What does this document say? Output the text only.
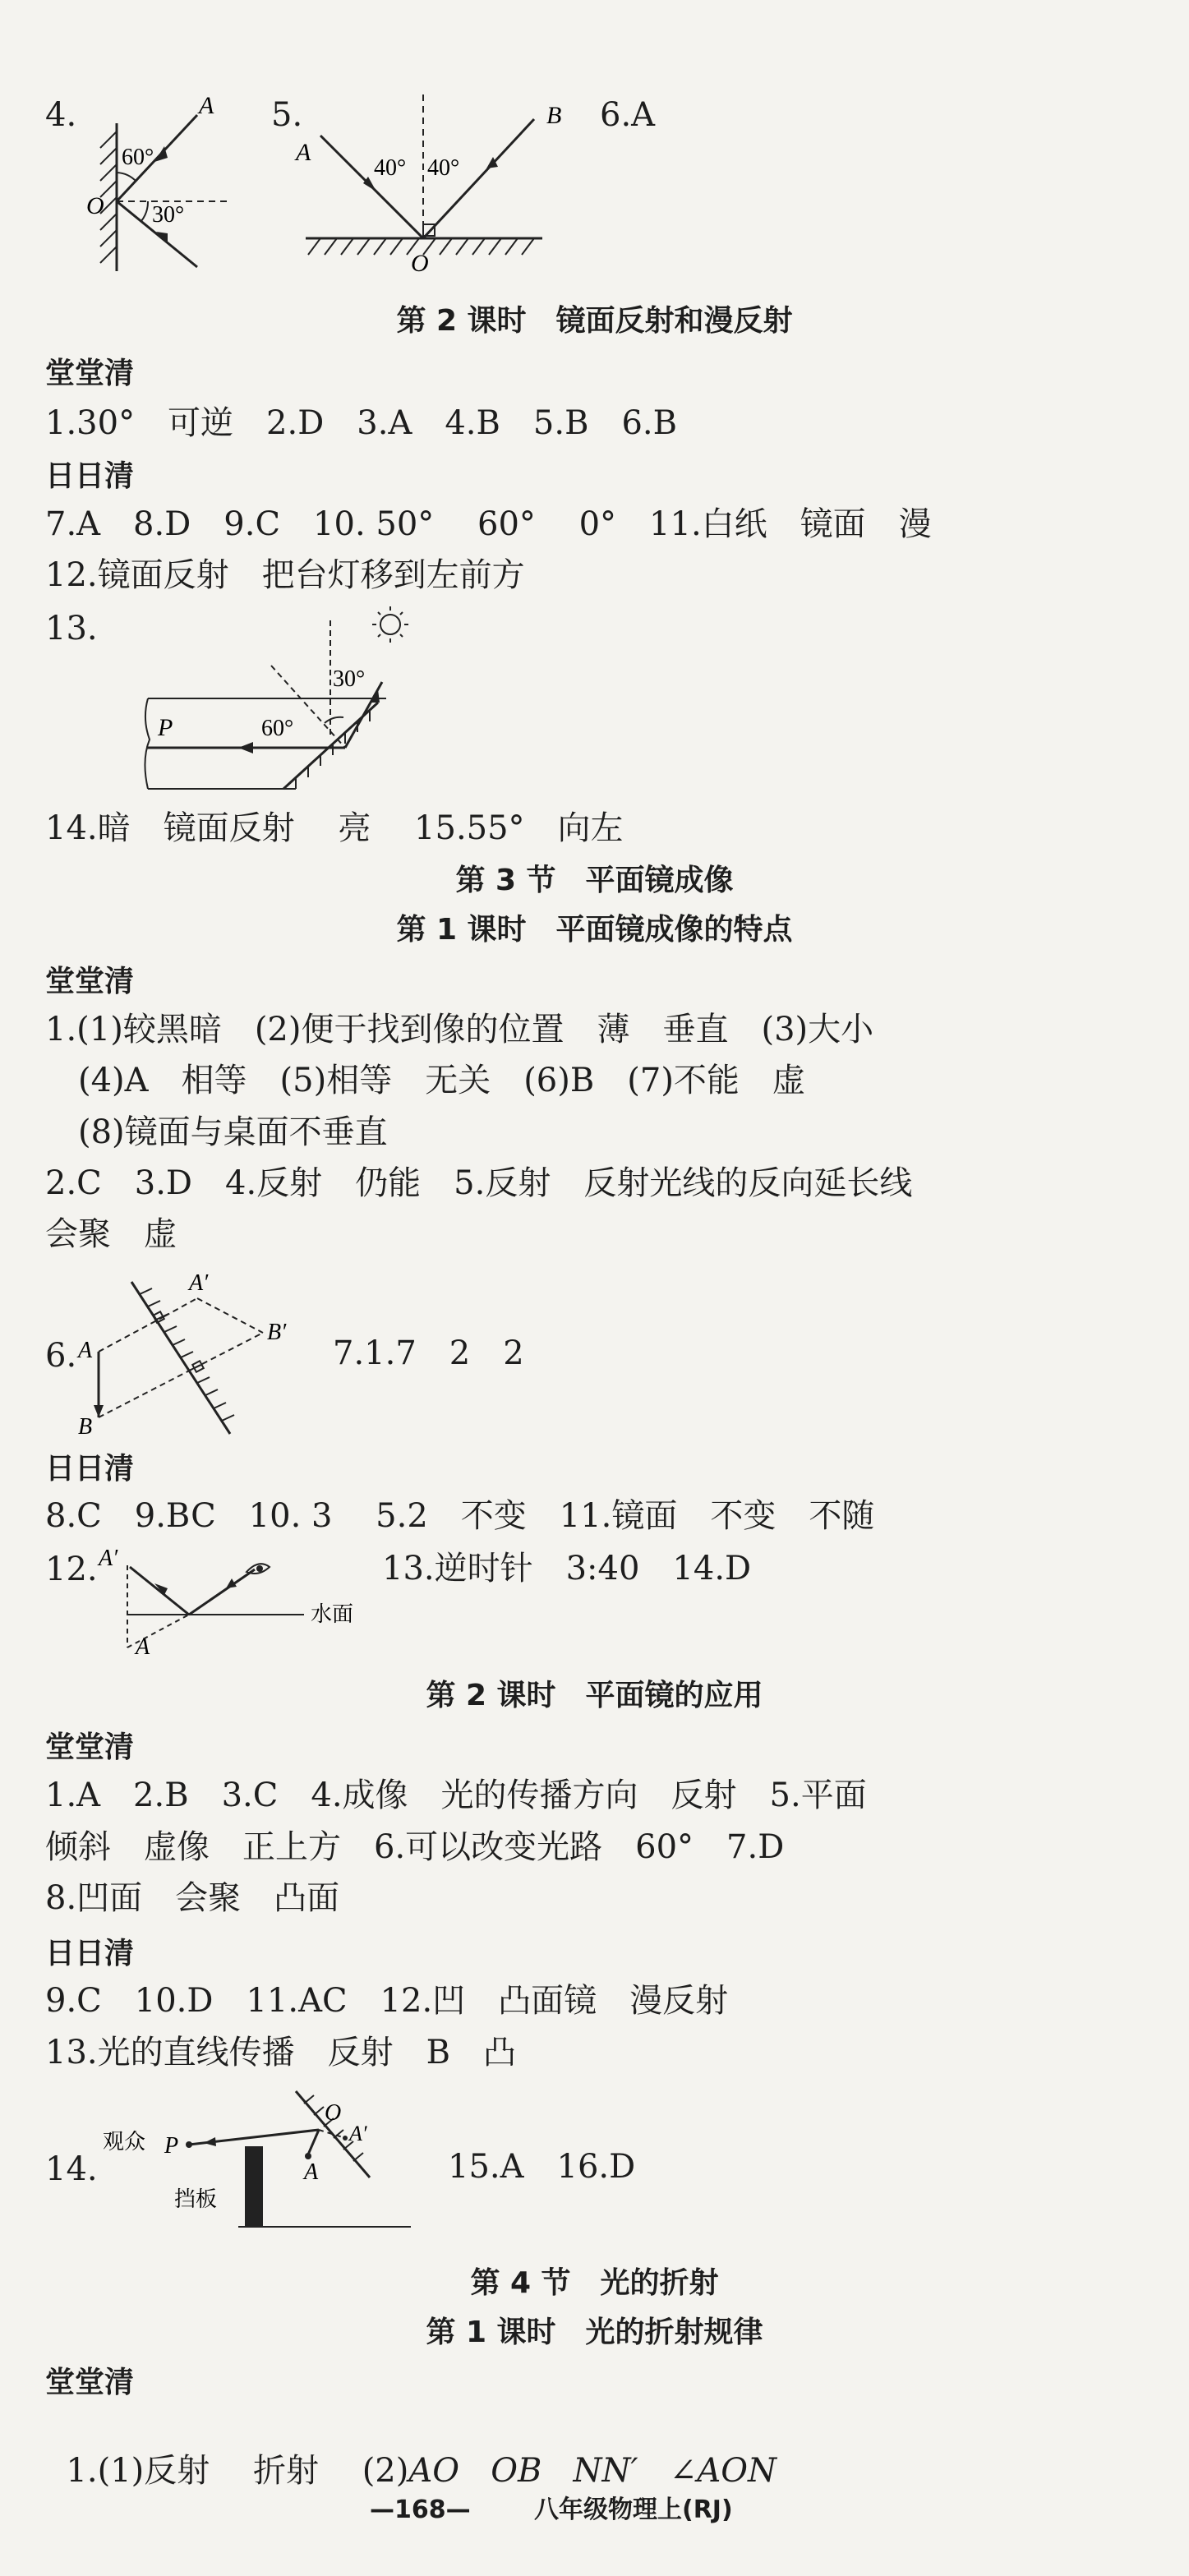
4.	A
O
60°
30°
5.
A
B
O
40° 40°
6.A
第 2 课时　镜面反射和漫反射
堂堂清
1.30°　可逆　2.D　3.A　4.B　5.B　6.B
日日清
7.A　8.D　9.C　10. 50°　 60°　 0°　11.白纸　镜面　漫
12.镜面反射　把台灯移到左前方
13.
P	60°
30°
14.暗　镜面反射　 亮　 15.55°　向左
第 3 节　平面镜成像
第 1 课时　平面镜成像的特点
堂堂清
1.(1)较黑暗　(2)便于找到像的位置　薄　垂直　(3)大小
(4)A　相等　(5)相等　无关　(6)B　(7)不能　虚
(8)镜面与桌面不垂直
2.C　3.D　4.反射　仍能　5.反射　反射光线的反向延长线
会聚　虚
6.
A′
B′
A
B
7.1.7　2　2
日日清
8.C　9.BC　10. 3　 5.2　不变　11.镜面　不变　不随
12. A′
A
水面
13.逆时针　3:40　14.D
第 2 课时　平面镜的应用
堂堂清
1.A　2.B　3.C　4.成像　光的传播方向　反射　5.平面
倾斜　虚像　正上方　6.可以改变光路　60°　7.D
8.凹面　会聚　凸面
日日清
9.C　10.D　11.AC　12.凹　凸面镜　漫反射
13.光的直线传播　反射　B　凸
14.
观众 P
O
A′
A
挡板
15.A　16.D
第 4 节　光的折射
第 1 课时　光的折射规律
堂堂清

1.(1)反射　 折射　 (2)AO OB NN′ ∠AON

—168—	八年级物理上(RJ)
